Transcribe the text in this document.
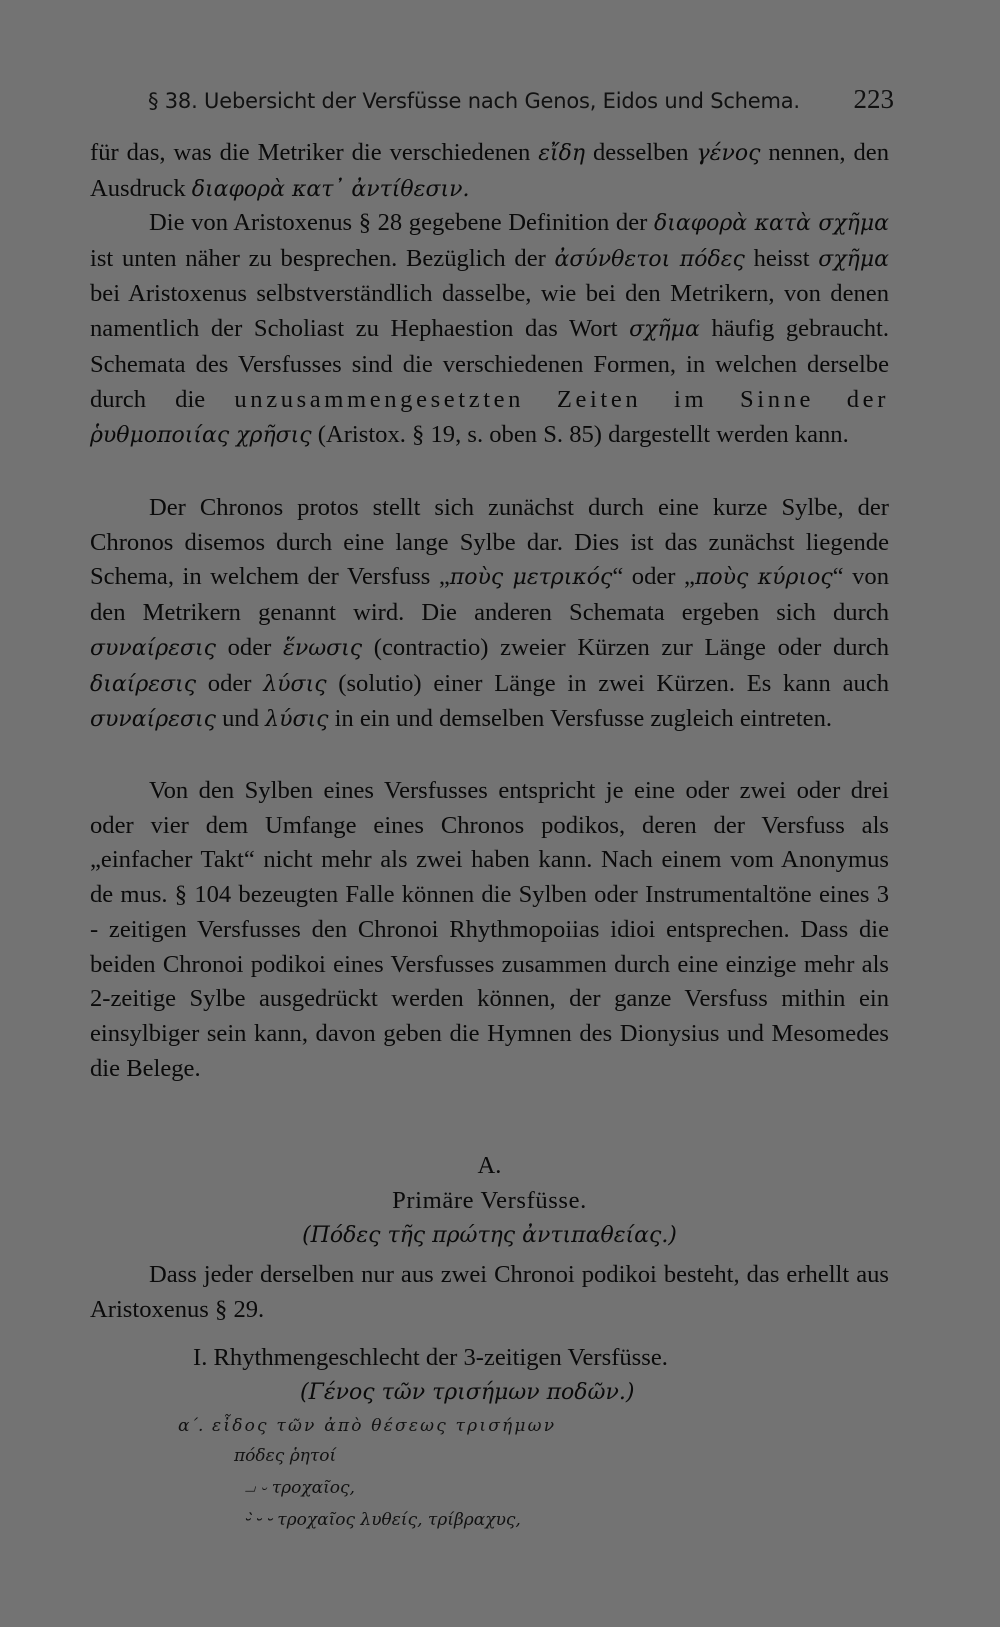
§ 38. Uebersicht der Versfüsse nach Genos, Eidos und Schema. 223

für das, was die Metriker die verschiedenen εἴδη desselben γένος nennen, den Ausdruck διαφορὰ κατ᾽ ἀντίθεσιν.

Die von Aristoxenus § 28 gegebene Definition der διαφορὰ κατὰ σχῆμα ist unten näher zu besprechen. Bezüglich der ἀσύνθετοι πόδες heisst σχῆμα bei Aristoxenus selbstverständlich dasselbe, wie bei den Metrikern, von denen namentlich der Scholiast zu Hephaestion das Wort σχῆμα häufig gebraucht. Schemata des Versfusses sind die verschiedenen Formen, in welchen derselbe durch die unzusammengesetzten Zeiten im Sinne der ῥυθμοποιίας χρῆσις (Aristox. § 19, s. oben S. 85) dargestellt werden kann.

Der Chronos protos stellt sich zunächst durch eine kurze Sylbe, der Chronos disemos durch eine lange Sylbe dar. Dies ist das zunächst liegende Schema, in welchem der Versfuss „ποὺς μετρικός“ oder „ποὺς κύριος“ von den Metrikern genannt wird. Die anderen Schemata ergeben sich durch συναίρεσις oder ἕνωσις (contractio) zweier Kürzen zur Länge oder durch διαίρεσις oder λύσις (solutio) einer Länge in zwei Kürzen. Es kann auch συναίρεσις und λύσις in ein und demselben Versfusse zugleich eintreten.

Von den Sylben eines Versfusses entspricht je eine oder zwei oder drei oder vier dem Umfange eines Chronos podikos, deren der Versfuss als „einfacher Takt“ nicht mehr als zwei haben kann. Nach einem vom Anonymus de mus. § 104 bezeugten Falle können die Sylben oder Instrumentaltöne eines 3 - zeitigen Versfusses den Chronoi Rhythmopoiias idioi entsprechen. Dass die beiden Chronoi podikoi eines Versfusses zusammen durch eine einzige mehr als 2-zeitige Sylbe ausgedrückt werden können, der ganze Versfuss mithin ein einsylbiger sein kann, davon geben die Hymnen des Dionysius und Mesomedes die Belege.

A.
Primäre Versfüsse.
(Πόδες τῆς πρώτης ἀντιπαθείας.)

Dass jeder derselben nur aus zwei Chronoi podikoi besteht, das erhellt aus Aristoxenus § 29.

I. Rhythmengeschlecht der 3-zeitigen Versfüsse.
(Γένος τῶν τρισήμων ποδῶν.)
α΄. εἶδος τῶν ἀπὸ θέσεως τρισήμων
πόδες ῥητοί
⏗ ⏑ τροχαῖος,
⏑́ ⏑ ⏑ τροχαῖος λυθείς, τρίβραχυς,
